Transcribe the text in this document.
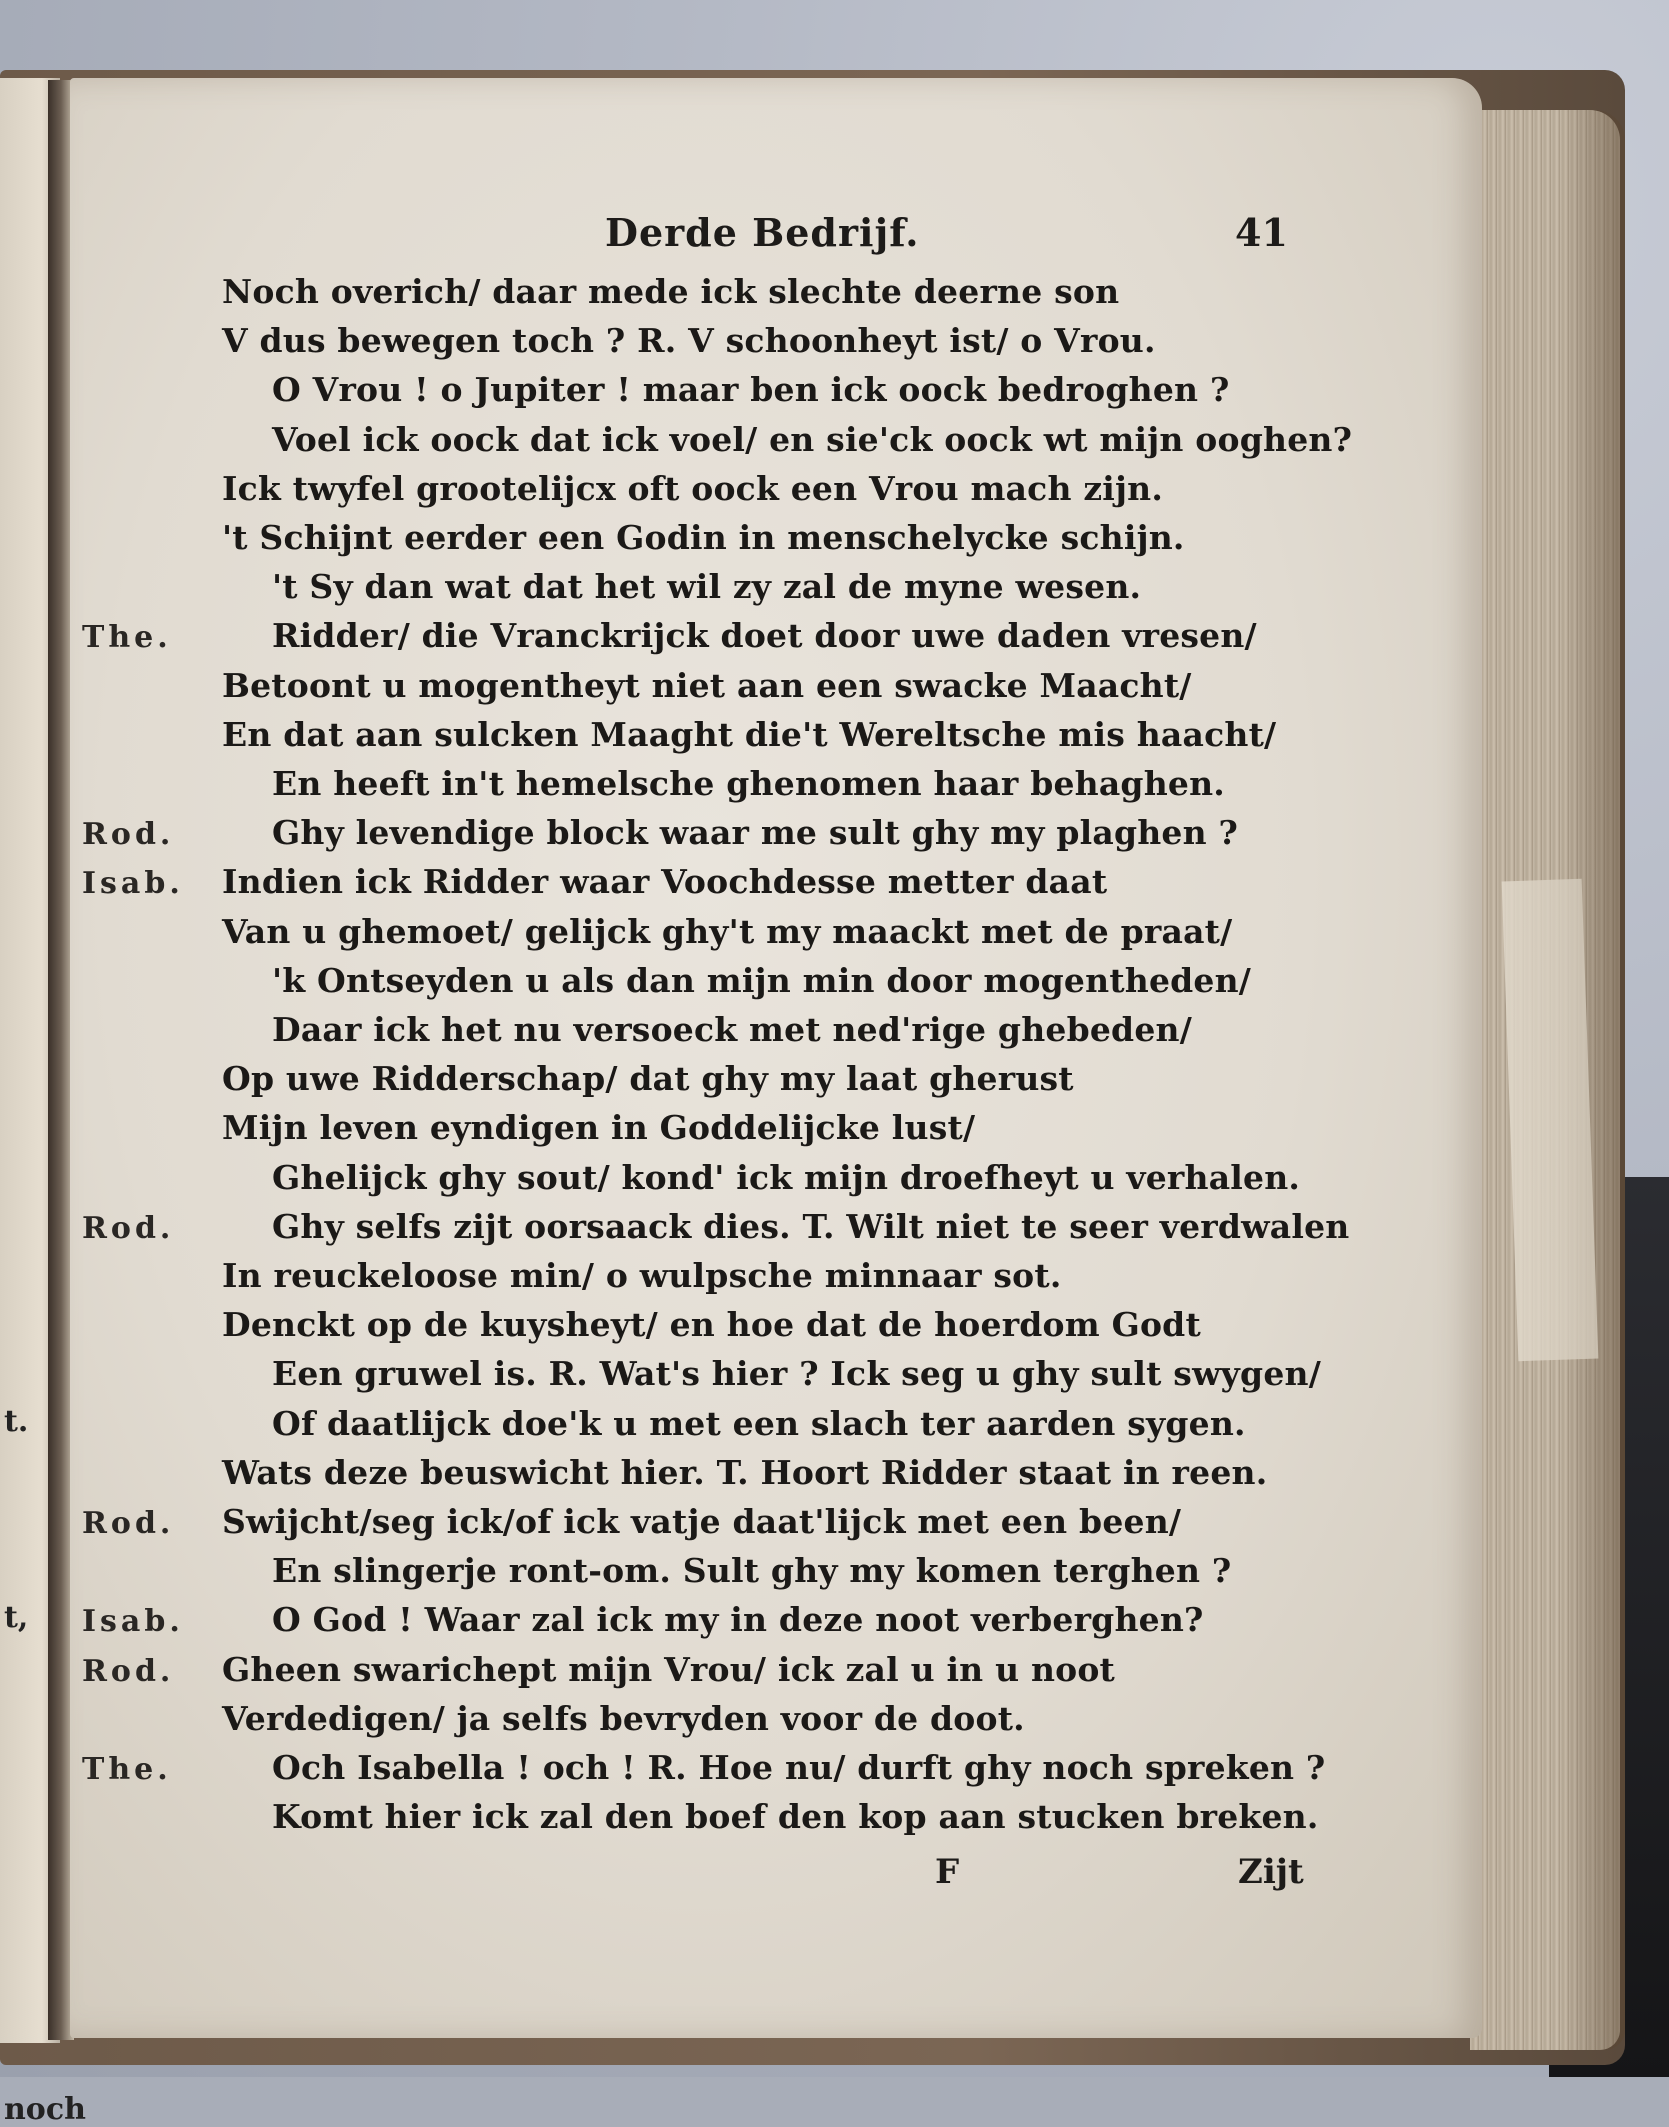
t.
t,
noch
Derde Bedrijf.	41
Noch overich/ daar mede ick slechte deerne son
V dus bewegen toch ? R. V schoonheyt ist/ o Vrou.
O Vrou ! o Jupiter ! maar ben ick oock bedroghen ?
Voel ick oock dat ick voel/ en sie'ck oock wt mijn ooghen?
Ick twyfel grootelijcx oft oock een Vrou mach zijn.
't Schijnt eerder een Godin in menschelycke schijn.
't Sy dan wat dat het wil zy zal de myne wesen.
The.	Ridder/ die Vranckrijck doet door uwe daden vresen/
Betoont u mogentheyt niet aan een swacke Maacht/
En dat aan sulcken Maaght die't Wereltsche mis haacht/
En heeft in't hemelsche ghenomen haar behaghen.
Rod.	Ghy levendige block waar me sult ghy my plaghen ?
Isab. Indien ick Ridder waar Voochdesse metter daat
Van u ghemoet/ gelijck ghy't my maackt met de praat/
'k Ontseyden u als dan mijn min door mogentheden/
Daar ick het nu versoeck met ned'rige ghebeden/
Op uwe Ridderschap/ dat ghy my laat gherust
Mijn leven eyndigen in Goddelijcke lust/
Ghelijck ghy sout/ kond' ick mijn droefheyt u verhalen.
Rod.	Ghy selfs zijt oorsaack dies. T. Wilt niet te seer verdwalen
In reuckeloose min/ o wulpsche minnaar sot.
Denckt op de kuysheyt/ en hoe dat de hoerdom Godt
Een gruwel is. R. Wat's hier ? Ick seg u ghy sult swygen/
Of daatlijck doe'k u met een slach ter aarden sygen.
Wats deze beuswicht hier. T. Hoort Ridder staat in reen.
Rod. Swijcht/seg ick/of ick vatje daat'lijck met een been/
En slingerje ront-om. Sult ghy my komen terghen ?
Isab.	O God ! Waar zal ick my in deze noot verberghen?
Rod. Gheen swarichept mijn Vrou/ ick zal u in u noot
Verdedigen/ ja selfs bevryden voor de doot.
The.	Och Isabella ! och ! R. Hoe nu/ durft ghy noch spreken ?
Komt hier ick zal den boef den kop aan stucken breken.
F	Zijt
